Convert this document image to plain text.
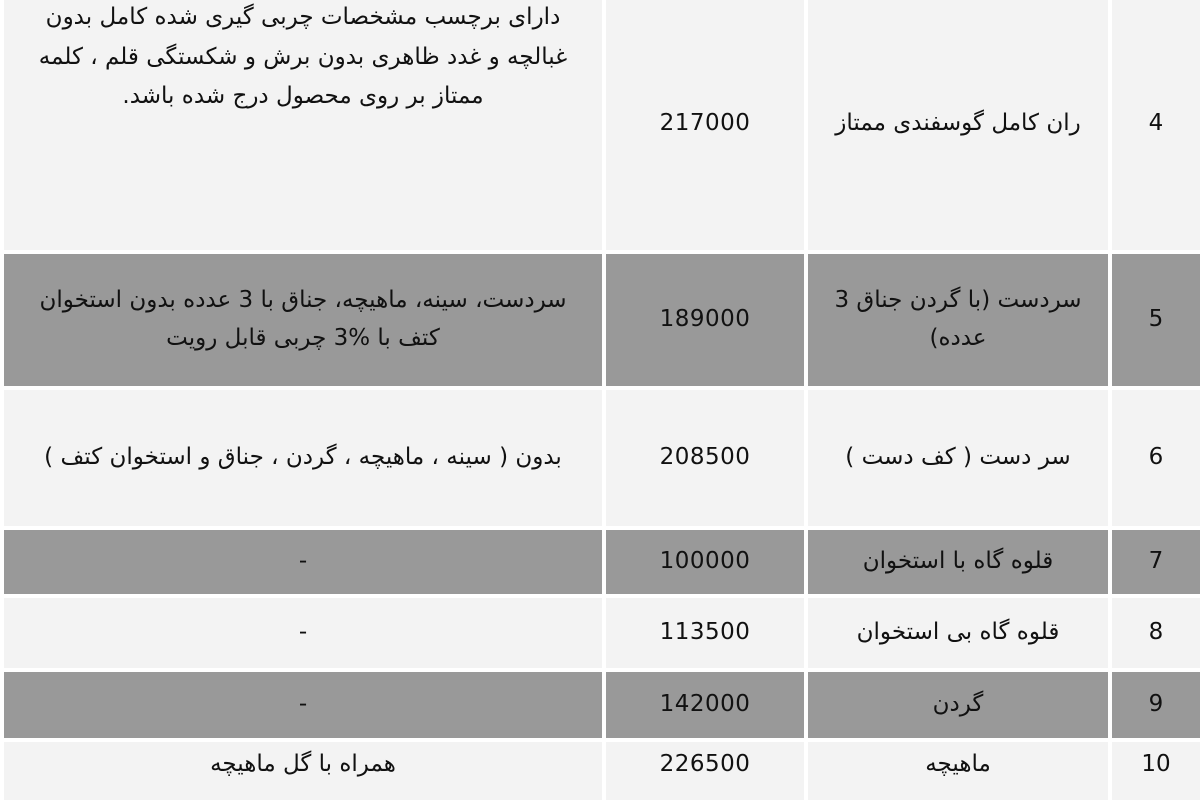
دارای برچسب مشخصات چربی گیری شده کامل بدون غبالچه و غدد ظاهری بدون برش و شکستگی قلم ، کلمه ممتاز بر روی محصول درج شده باشد.	217000	ران کامل گوسفندی ممتاز	4
سردست، سینه، ماهیچه، جناق با 3 عدده بدون استخوان کتف با %3 چربی قابل رویت	189000	سردست (با گردن جناق 3 عدده)	5
بدون ( سینه ، ماهیچه ، گردن ، جناق و استخوان کتف )	208500	سر دست ( کف دست )	6
-	100000	قلوه گاه با استخوان	7
-	113500	قلوه گاه بی استخوان	8
-	142000	گردن	9
همراه با گل ماهیچه	226500	ماهیچه	10
